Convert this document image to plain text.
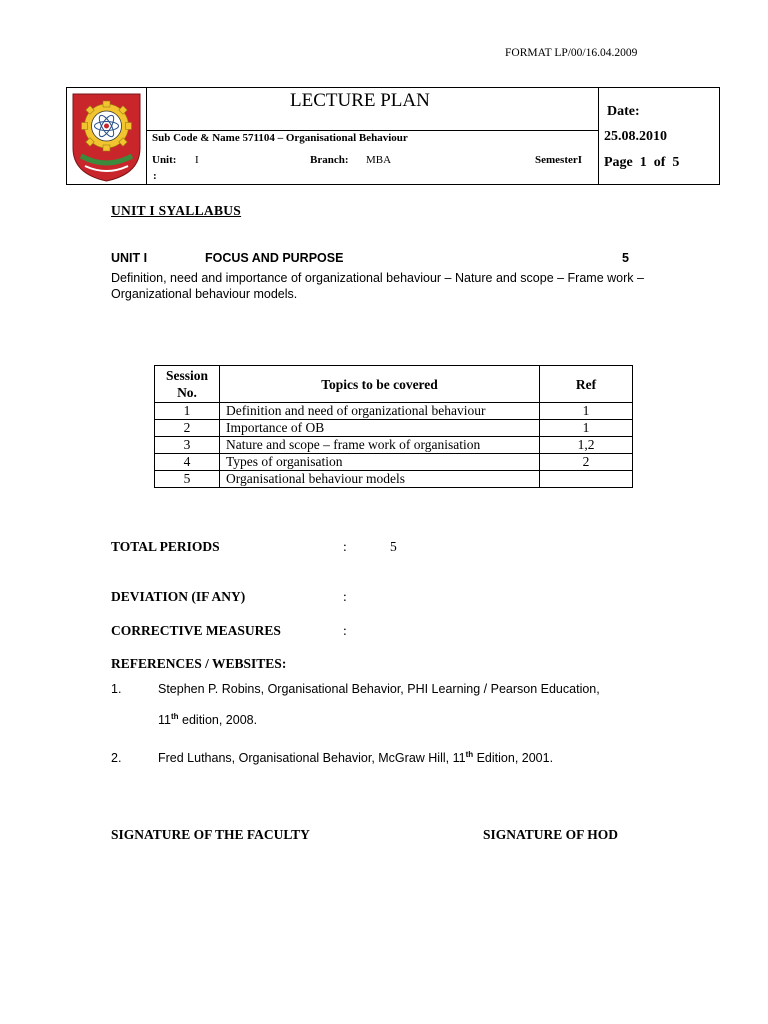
FORMAT LP/00/16.04.2009
LECTURE PLAN
Sub Code & Name 571104 – Organisational Behaviour
Unit: I
:
Branch: MBA	SemesterI
Date:
25.08.2010
Page  1  of  5
UNIT I SYALLABUS
UNIT I	FOCUS AND PURPOSE	5
Definition, need and importance of organizational behaviour – Nature and scope – Frame work – Organizational behaviour models.
Session No.	Topics to be covered	Ref
1	Definition and need of organizational behaviour	1
2	Importance of OB	1
3	Nature and scope – frame work of organisation	1,2
4	Types of organisation	2
5	Organisational behaviour models	
TOTAL PERIODS	:	5
DEVIATION (IF ANY)	:
CORRECTIVE MEASURES	:
REFERENCES / WEBSITES:
1.	Stephen P. Robins, Organisational Behavior, PHI Learning / Pearson Education,
11th edition, 2008.
2.	Fred Luthans, Organisational Behavior, McGraw Hill, 11th Edition, 2001.
SIGNATURE OF THE FACULTY	SIGNATURE OF HOD
